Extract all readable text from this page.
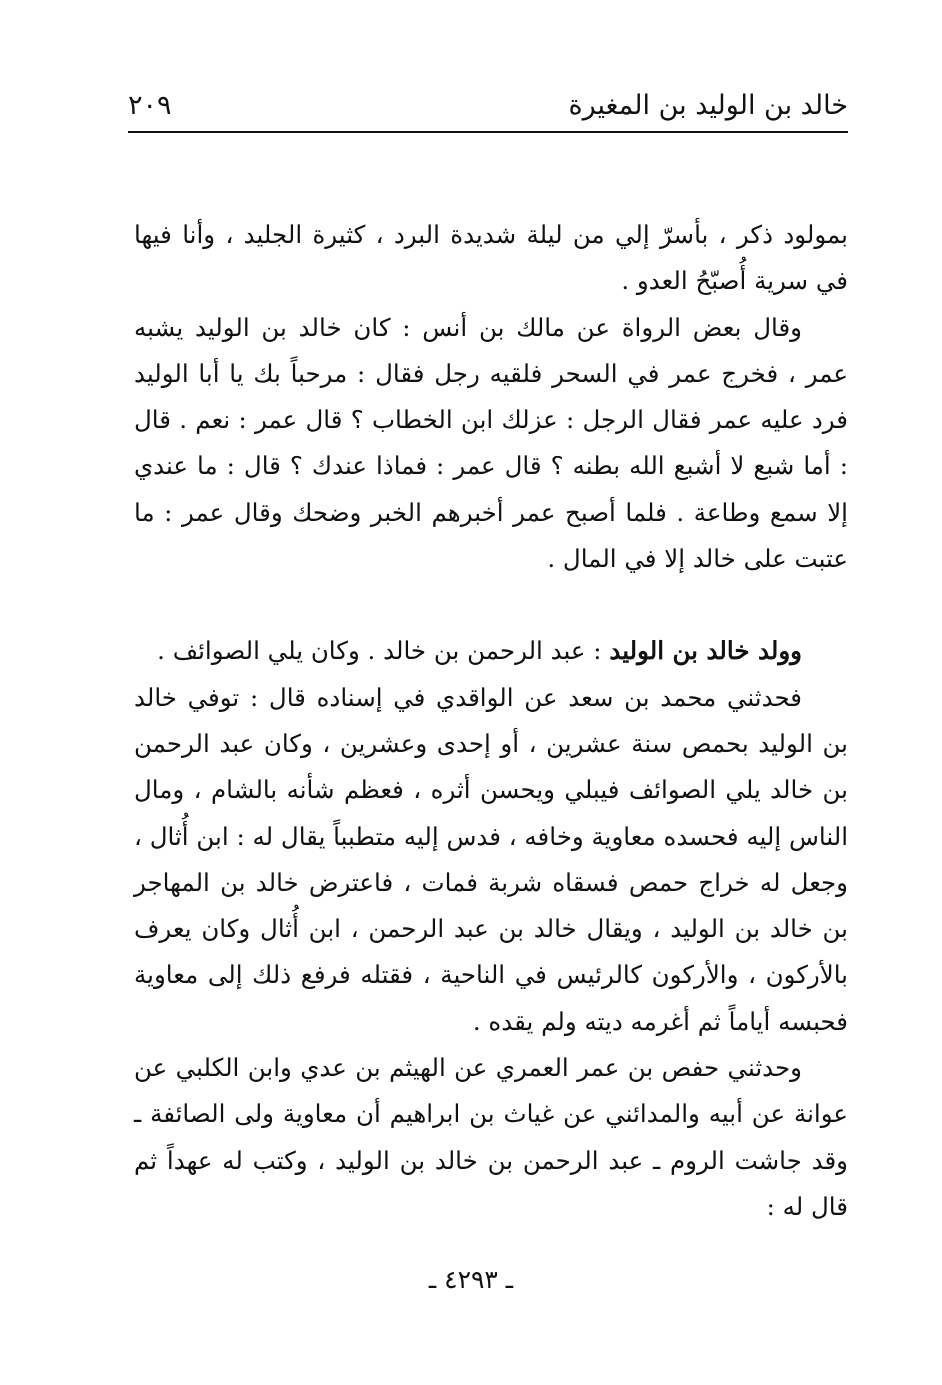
خالد بن الوليد بن المغيرة
٢٠٩

بمولود ذكر ، بأسرّ إلي من ليلة شديدة البرد ، كثيرة الجليد ، وأنا فيها في سرية أُصبّحُ العدو .

وقال بعض الرواة عن مالك بن أنس : كان خالد بن الوليد يشبه عمر ، فخرج عمر في السحر فلقيه رجل فقال : مرحباً بك يا أبا الوليد فرد عليه عمر فقال الرجل : عزلك ابن الخطاب ؟ قال عمر : نعم . قال : أما شبع لا أشبع الله بطنه ؟ قال عمر : فماذا عندك ؟ قال : ما عندي إلا سمع وطاعة . فلما أصبح عمر أخبرهم الخبر وضحك وقال عمر : ما عتبت على خالد إلا في المال .

وولد خالد بن الوليد : عبد الرحمن بن خالد . وكان يلي الصوائف .

فحدثني محمد بن سعد عن الواقدي في إسناده قال : توفي خالد بن الوليد بحمص سنة عشرين ، أو إحدى وعشرين ، وكان عبد الرحمن بن خالد يلي الصوائف فيبلي ويحسن أثره ، فعظم شأنه بالشام ، ومال الناس إليه فحسده معاوية وخافه ، فدس إليه متطبباً يقال له : ابن أُثال ، وجعل له خراج حمص فسقاه شربة فمات ، فاعترض خالد بن المهاجر بن خالد بن الوليد ، ويقال خالد بن عبد الرحمن ، ابن أُثال وكان يعرف بالأركون ، والأركون كالرئيس في الناحية ، فقتله فرفع ذلك إلى معاوية فحبسه أياماً ثم أغرمه ديته ولم يقده .

وحدثني حفص بن عمر العمري عن الهيثم بن عدي وابن الكلبي عن عوانة عن أبيه والمدائني عن غياث بن ابراهيم أن معاوية ولى الصائفة ـ وقد جاشت الروم ـ عبد الرحمن بن خالد بن الوليد ، وكتب له عهداً ثم قال له :

ـ ٤٢٩٣ ـ
